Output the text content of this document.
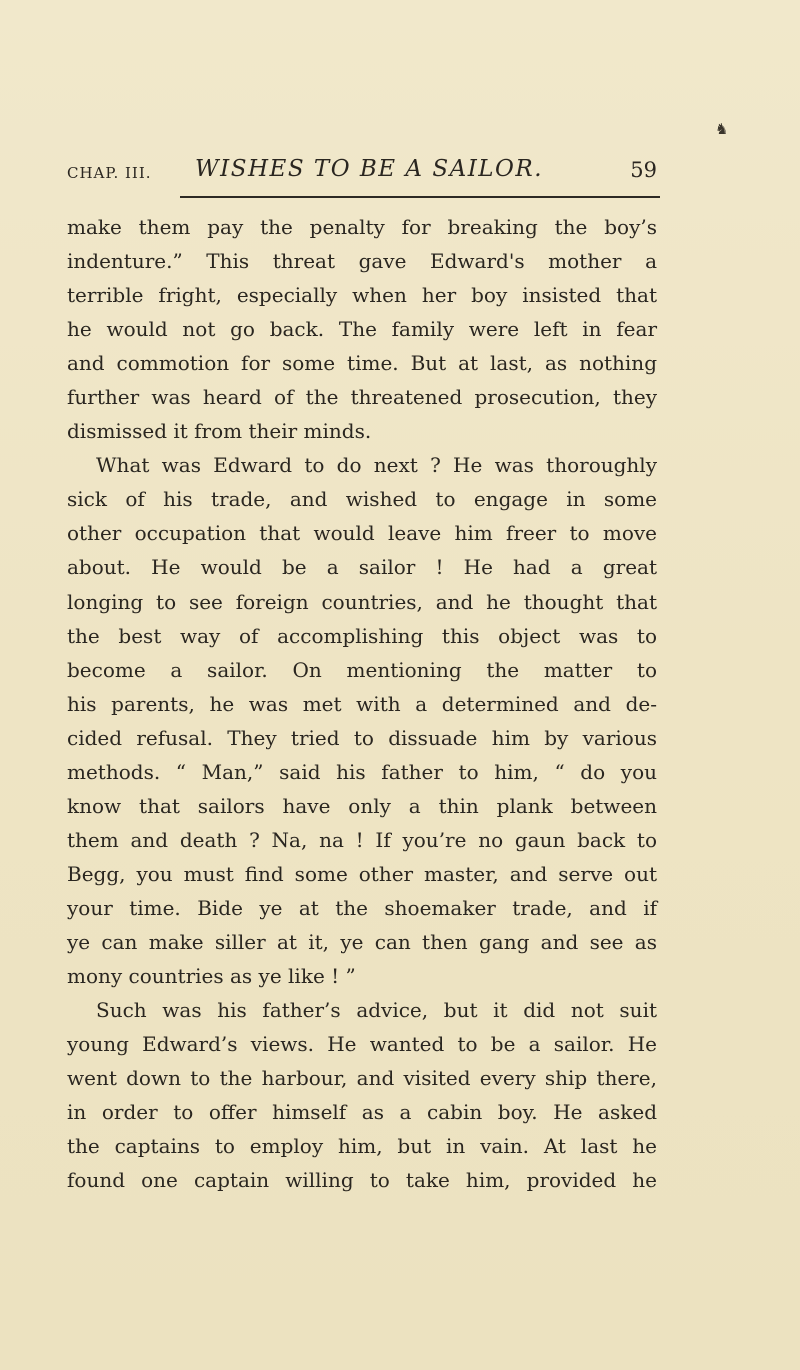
♞
CHAP. III. WISHES TO BE A SAILOR.	59
make them pay the penalty for breaking the boy’s
indenture.” This threat gave Edward's mother a
terrible fright, especially when her boy insisted that
he would not go back. The family were left in fear
and commotion for some time. But at last, as nothing
further was heard of the threatened prosecution, they
dismissed it from their minds.
What was Edward to do next ? He was thoroughly
sick of his trade, and wished to engage in some
other occupation that would leave him freer to move
about. He would be a sailor ! He had a great
longing to see foreign countries, and he thought that
the best way of accomplishing this object was to
become a sailor. On mentioning the matter to
his parents, he was met with a determined and de-
cided refusal. They tried to dissuade him by various
methods. “ Man,” said his father to him, “ do you
know that sailors have only a thin plank between
them and death ? Na, na ! If you’re no gaun back to
Begg, you must find some other master, and serve out
your time. Bide ye at the shoemaker trade, and if
ye can make siller at it, ye can then gang and see as
mony countries as ye like ! ”
Such was his father’s advice, but it did not suit
young Edward’s views. He wanted to be a sailor. He
went down to the harbour, and visited every ship there,
in order to offer himself as a cabin boy. He asked
the captains to employ him, but in vain. At last he
found one captain willing to take him, provided he
